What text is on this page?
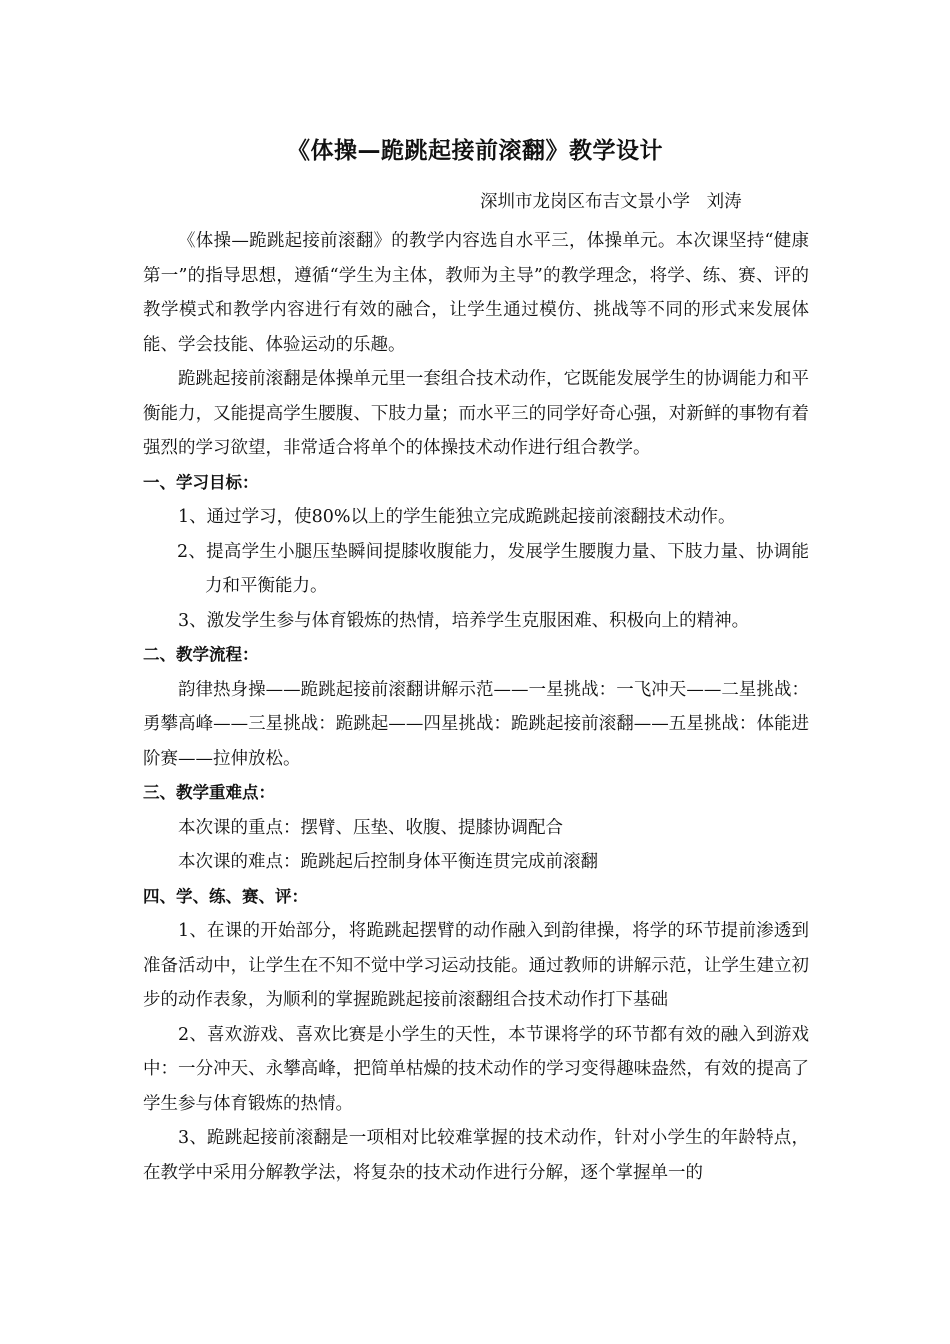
《体操—跪跳起接前滚翻》教学设计
深圳市龙岗区布吉文景小学   刘涛

《体操—跪跳起接前滚翻》的教学内容选自水平三，体操单元。本次课坚持“健康第一”的指导思想，遵循“学生为主体，教师为主导”的教学理念，将学、练、赛、评的教学模式和教学内容进行有效的融合，让学生通过模仿、挑战等不同的形式来发展体能、学会技能、体验运动的乐趣。

跪跳起接前滚翻是体操单元里一套组合技术动作，它既能发展学生的协调能力和平衡能力，又能提高学生腰腹、下肢力量；而水平三的同学好奇心强，对新鲜的事物有着强烈的学习欲望，非常适合将单个的体操技术动作进行组合教学。

一、学习目标：

1、通过学习，使80%以上的学生能独立完成跪跳起接前滚翻技术动作。

2、提高学生小腿压垫瞬间提膝收腹能力，发展学生腰腹力量、下肢力量、协调能力和平衡能力。

3、激发学生参与体育锻炼的热情，培养学生克服困难、积极向上的精神。

二、教学流程：

韵律热身操——跪跳起接前滚翻讲解示范——一星挑战：一飞冲天——二星挑战：勇攀高峰——三星挑战：跪跳起——四星挑战：跪跳起接前滚翻——五星挑战：体能进阶赛——拉伸放松。

三、教学重难点：

本次课的重点：摆臂、压垫、收腹、提膝协调配合

本次课的难点：跪跳起后控制身体平衡连贯完成前滚翻

四、学、练、赛、评：

1、在课的开始部分，将跪跳起摆臂的动作融入到韵律操，将学的环节提前渗透到准备活动中，让学生在不知不觉中学习运动技能。通过教师的讲解示范，让学生建立初步的动作表象，为顺利的掌握跪跳起接前滚翻组合技术动作打下基础

2、喜欢游戏、喜欢比赛是小学生的天性，本节课将学的环节都有效的融入到游戏中：一分冲天、永攀高峰，把简单枯燥的技术动作的学习变得趣味盎然，有效的提高了学生参与体育锻炼的热情。

3、跪跳起接前滚翻是一项相对比较难掌握的技术动作，针对小学生的年龄特点，在教学中采用分解教学法，将复杂的技术动作进行分解，逐个掌握单一的
